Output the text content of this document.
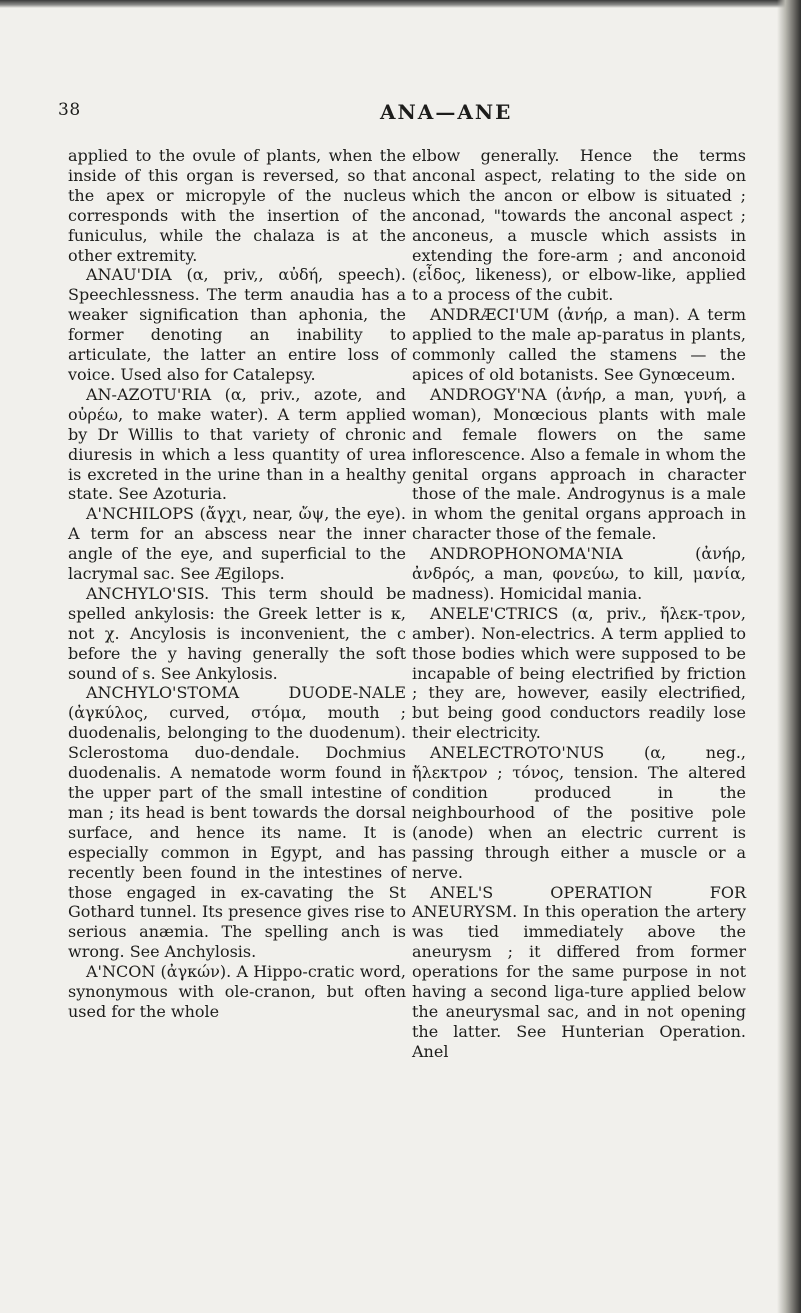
38	ANA—ANE

applied to the ovule of plants, when the inside of this organ is reversed, so that the apex or micropyle of the nucleus corresponds with the insertion of the funiculus, while the chalaza is at the other extremity.

ANAU'DIA (α, priv,, αὐδή, speech). Speechlessness. The term anaudia has a weaker signification than aphonia, the former denoting an inability to articulate, the latter an entire loss of voice. Used also for Catalepsy.

AN-AZOTU'RIA (α, priv., azote, and οὐρέω, to make water). A term applied by Dr Willis to that variety of chronic diuresis in which a less quantity of urea is excreted in the urine than in a healthy state. See Azoturia.

A'NCHILOPS (ἄγχι, near, ὤψ, the eye). A term for an abscess near the inner angle of the eye, and superficial to the lacrymal sac. See Ægilops.

ANCHYLO'SIS. This term should be spelled ankylosis: the Greek letter is κ, not χ. Ancylosis is inconvenient, the c before the y having generally the soft sound of s. See Ankylosis.

ANCHYLO'STOMA DUODE-NALE (ἀγκύλος, curved, στόμα, mouth ; duodenalis, belonging to the duodenum). Sclerostoma duo-dendale. Dochmius duodenalis. A nematode worm found in the upper part of the small intestine of man ; its head is bent towards the dorsal surface, and hence its name. It is especially common in Egypt, and has recently been found in the intestines of those engaged in ex-cavating the St Gothard tunnel. Its presence gives rise to serious anæmia. The spelling anch is wrong. See Anchylosis.

A'NCON (ἀγκών). A Hippo-cratic word, synonymous with ole-cranon, but often used for the whole

elbow generally. Hence the terms anconal aspect, relating to the side on which the ancon or elbow is situated ; anconad, "towards the anconal aspect ; anconeus, a muscle which assists in extending the fore-arm ; and anconoid (εἶδος, likeness), or elbow-like, applied to a process of the cubit.

ANDRÆCI'UM (ἀνήρ, a man). A term applied to the male ap-paratus in plants, commonly called the stamens — the apices of old botanists. See Gynœceum.

ANDROGY'NA (ἀνήρ, a man, γυνή, a woman), Monœcious plants with male and female flowers on the same inflorescence. Also a female in whom the genital organs approach in character those of the male. Androgynus is a male in whom the genital organs approach in character those of the female.

ANDROPHONOMA'NIA (ἀνήρ, ἀνδρός, a man, φονεύω, to kill, μανία, madness). Homicidal mania.

ANELE'CTRICS (α, priv., ἤλεκ-τρον, amber). Non-electrics. A term applied to those bodies which were supposed to be incapable of being electrified by friction ; they are, however, easily electrified, but being good conductors readily lose their electricity.

ANELECTROTO'NUS (α, neg., ἤλεκτρον ; τόνος, tension. The altered condition produced in the neighbourhood of the positive pole (anode) when an electric current is passing through either a muscle or a nerve.

ANEL'S OPERATION FOR ANEURYSM. In this operation the artery was tied immediately above the aneurysm ; it differed from former operations for the same purpose in not having a second liga-ture applied below the aneurysmal sac, and in not opening the latter. See Hunterian Operation. Anel
